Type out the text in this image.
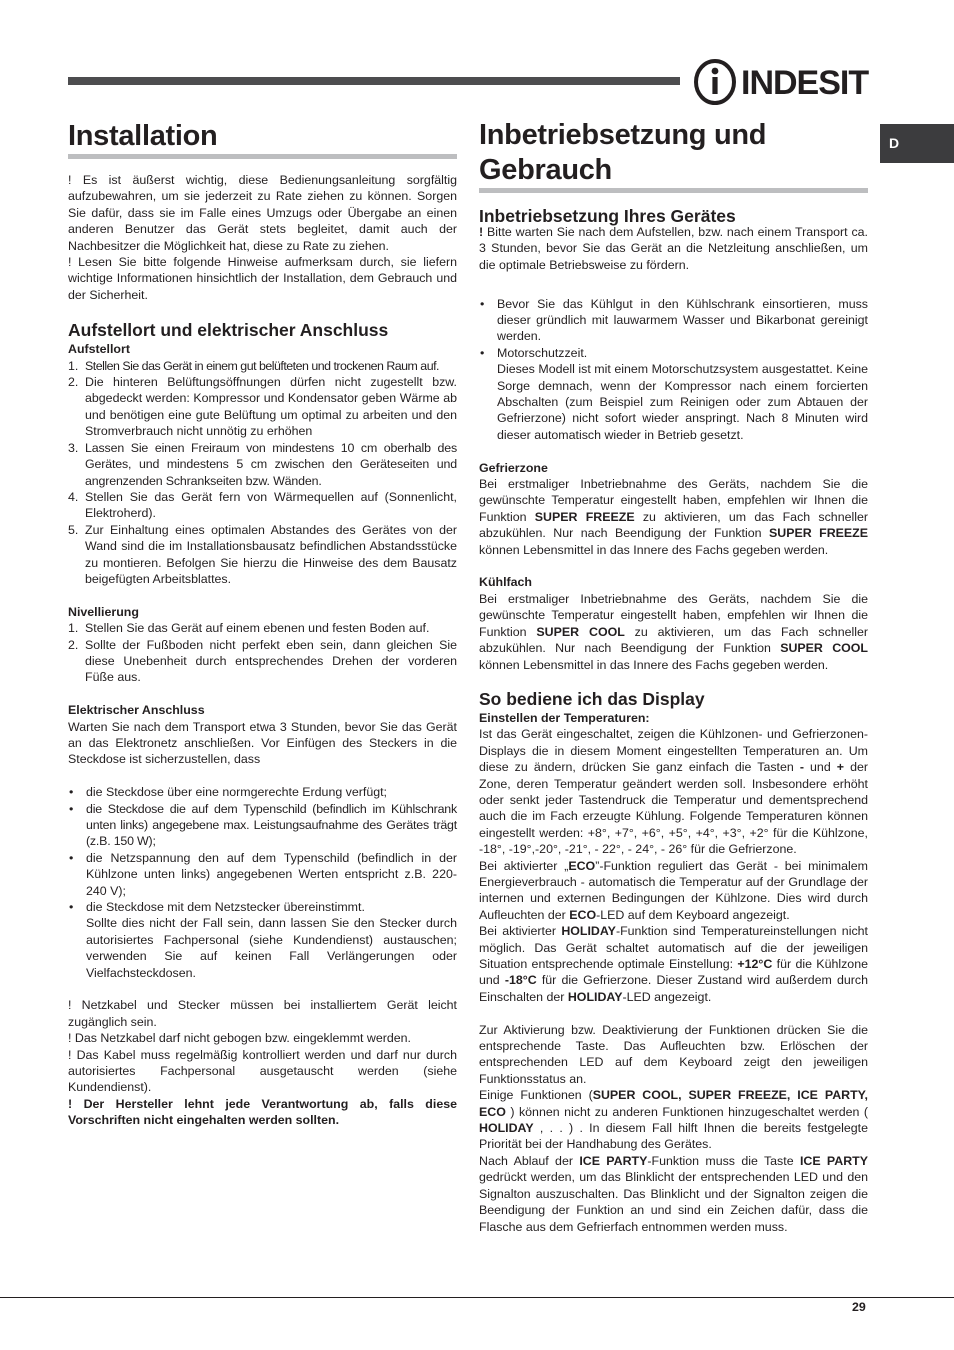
INDESIT
D
Installation

! Es ist äußerst wichtig, diese Bedienungsanleitung sorgfältig aufzubewahren, um sie jederzeit zu Rate ziehen zu können. Sorgen Sie dafür, dass sie im Falle eines Umzugs oder Übergabe an einen anderen Benutzer das Gerät stets begleitet, damit auch der Nachbesitzer die Möglichkeit hat, diese zu Rate zu ziehen.

! Lesen Sie bitte folgende Hinweise aufmerksam durch, sie liefern wichtige Informationen hinsichtlich der Installation, dem Gebrauch und der Sicherheit.

Aufstellort und elektrischer Anschluss
Aufstellort
1. Stellen Sie das Gerät in einem gut belüfteten und trockenen Raum auf.
2. Die hinteren Belüftungsöffnungen dürfen nicht zugestellt bzw. abgedeckt werden: Kompressor und Kondensator geben Wärme ab und benötigen eine gute Belüftung um optimal zu arbeiten und den Stromverbrauch nicht unnötig zu erhöhen
3. Lassen Sie einen Freiraum von mindestens 10 cm oberhalb des Gerätes, und mindestens 5 cm zwischen den Geräteseiten und angrenzenden Schrankseiten bzw. Wänden.
4. Stellen Sie das Gerät fern von Wärmequellen auf (Sonnenlicht, Elektroherd).
5. Zur Einhaltung eines optimalen Abstandes des Gerätes von der Wand sind die im Installationsbausatz befindlichen Abstandsstücke zu montieren. Befolgen Sie hierzu die Hinweise des dem Bausatz beigefügten Arbeitsblattes.
Nivellierung
1. Stellen Sie das Gerät auf einem ebenen und festen Boden auf.
2. Sollte der Fußboden nicht perfekt eben sein, dann gleichen Sie diese Unebenheit durch entsprechendes Drehen der vorderen Füße aus.
Elektrischer Anschluss

Warten Sie nach dem Transport etwa 3 Stunden, bevor Sie das Gerät an das Elektronetz anschließen. Vor Einfügen des Steckers in die Steckdose ist sicherzustellen, dass

• die Steckdose über eine normgerechte Erdung verfügt;
• die Steckdose die auf dem Typenschild (befindlich im Kühlschrank unten links) angegebene max. Leistungsaufnahme des Gerätes trägt (z.B. 150 W);
• die Netzspannung den auf dem Typenschild (befindlich in der Kühlzone unten links) angegebenen Werten entspricht z.B. 220-240 V);
• die Steckdose mit dem Netzstecker übereinstimmt.
Sollte dies nicht der Fall sein, dann lassen Sie den Stecker durch autorisiertes Fachpersonal (siehe Kundendienst) austauschen; verwenden Sie auf keinen Fall Verlängerungen oder Vielfachsteckdosen.

! Netzkabel und Stecker müssen bei installiertem Gerät leicht zugänglich sein.

! Das Netzkabel darf nicht gebogen bzw. eingeklemmt werden.

! Das Kabel muss regelmäßig kontrolliert werden und darf nur durch autorisiertes Fachpersonal ausgetauscht werden (siehe Kundendienst).

! Der Hersteller lehnt jede Verantwortung ab, falls diese Vorschriften nicht eingehalten werden sollten.

Inbetriebsetzung und
Gebrauch
Inbetriebsetzung Ihres Gerätes

! Bitte warten Sie nach dem Aufstellen, bzw. nach einem Transport ca. 3 Stunden, bevor Sie das Gerät an die Netzleitung anschließen, um die optimale Betriebsweise zu fördern.

• Bevor Sie das Kühlgut in den Kühlschrank einsortieren, muss dieser gründlich mit lauwarmem Wasser und Bikarbonat gereinigt werden.
• Motorschutzzeit.
Dieses Modell ist mit einem Motorschutzsystem ausgestattet. Keine Sorge demnach, wenn der Kompressor nach einem forcierten Abschalten (zum Beispiel zum Reinigen oder zum Abtauen der Gefrierzone) nicht sofort wieder anspringt. Nach 8 Minuten wird dieser automatisch wieder in Betrieb gesetzt.
Gefrierzone

Bei erstmaliger Inbetriebnahme des Geräts, nachdem Sie die gewünschte Temperatur eingestellt haben, empfehlen wir Ihnen die Funktion SUPER FREEZE zu aktivieren, um das Fach schneller abzukühlen. Nur nach Beendigung der Funktion SUPER FREEZE können Lebensmittel in das Innere des Fachs gegeben werden.

Kühlfach

Bei erstmaliger Inbetriebnahme des Geräts, nachdem Sie die gewünschte Temperatur eingestellt haben, empfehlen wir Ihnen die Funktion SUPER COOL zu aktivieren, um das Fach schneller abzukühlen. Nur nach Beendigung der Funktion SUPER COOL können Lebensmittel in das Innere des Fachs gegeben werden.

So bediene ich das Display
Einstellen der Temperaturen:

Ist das Gerät eingeschaltet, zeigen die Kühlzonen- und Gefrierzonen-Displays die in diesem Moment eingestellten Temperaturen an. Um diese zu ändern, drücken Sie ganz einfach die Tasten - und + der Zone, deren Temperatur geändert werden soll. Insbesondere erhöht oder senkt jeder Tastendruck die Temperatur und dementsprechend auch die im Fach erzeugte Kühlung. Folgende Temperaturen können eingestellt werden: +8°, +7°, +6°, +5°, +4°, +3°, +2° für die Kühlzone, -18°, -19°,-20°, -21°, - 22°, - 24°, - 26° für die Gefrierzone.

Bei aktivierter „ECO”-Funktion reguliert das Gerät - bei minimalem Energieverbrauch - automatisch die Temperatur auf der Grundlage der internen und externen Bedingungen der Kühlzone. Dies wird durch Aufleuchten der ECO-LED auf dem Keyboard angezeigt.

Bei aktivierter HOLIDAY-Funktion sind Temperatureinstellungen nicht möglich. Das Gerät schaltet automatisch auf die der jeweiligen Situation entsprechende optimale Einstellung: +12°C für die Kühlzone und -18°C für die Gefrierzone. Dieser Zustand wird außerdem durch Einschalten der HOLIDAY-LED angezeigt.

Zur Aktivierung bzw. Deaktivierung der Funktionen drücken Sie die entsprechende Taste. Das Aufleuchten bzw. Erlöschen der entsprechenden LED auf dem Keyboard zeigt den jeweiligen Funktionsstatus an.

Einige Funktionen (SUPER COOL, SUPER FREEZE, ICE PARTY, ECO ) können nicht zu anderen Funktionen hinzugeschaltet werden ( HOLIDAY , . . ) . In diesem Fall hilft Ihnen die bereits festgelegte Priorität bei der Handhabung des Gerätes.

Nach Ablauf der ICE PARTY-Funktion muss die Taste ICE PARTY gedrückt werden, um das Blinklicht der entsprechenden LED und den Signalton auszuschalten. Das Blinklicht und der Signalton zeigen die Beendigung der Funktion an und sind ein Zeichen dafür, dass die Flasche aus dem Gefrierfach entnommen werden muss.

29
